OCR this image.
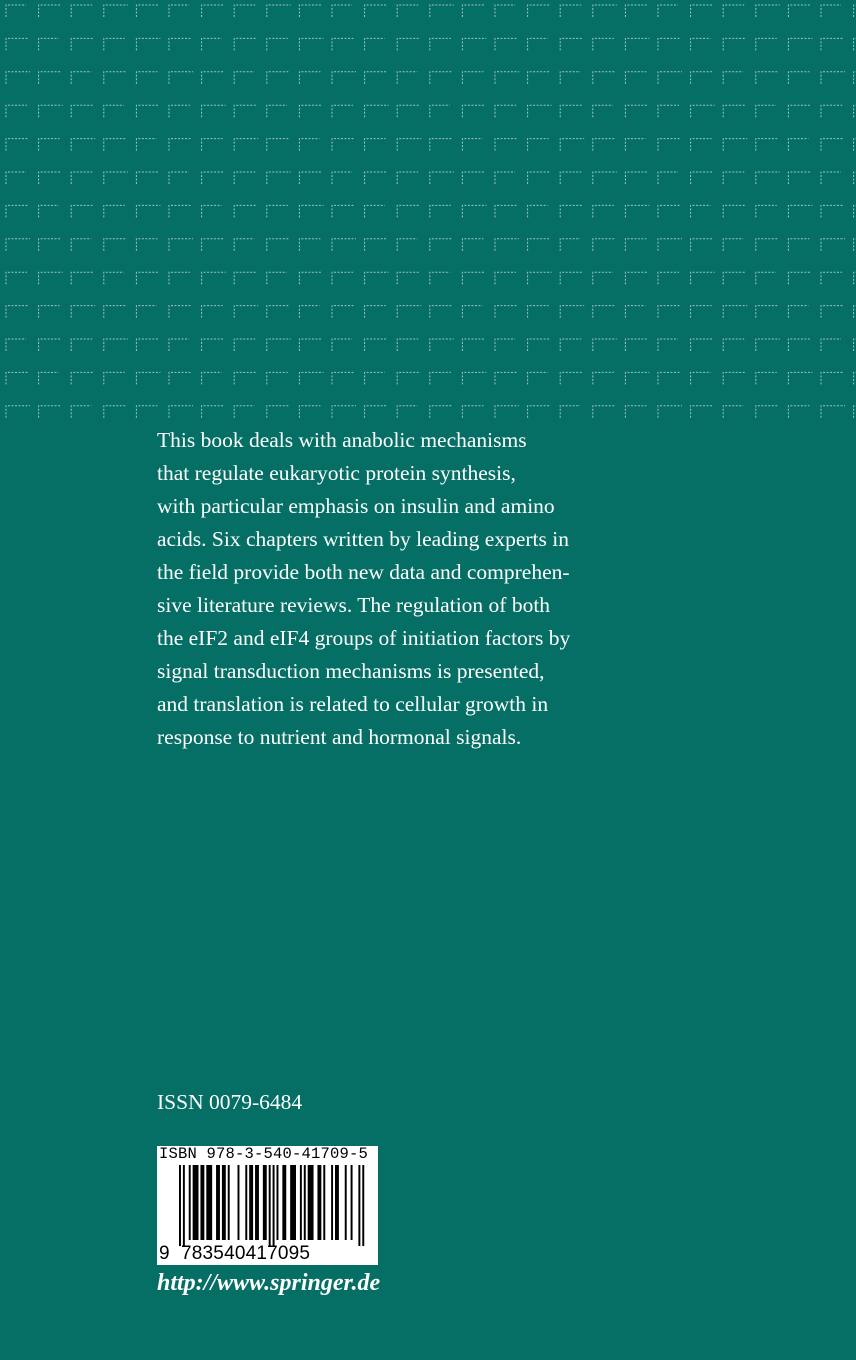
This book deals with anabolic mechanisms
that regulate eukaryotic protein synthesis,
with particular emphasis on insulin and amino
acids. Six chapters written by leading experts in
the field provide both new data and comprehen-
sive literature reviews. The regulation of both
the eIF2 and eIF4 groups of initiation factors by
signal transduction mechanisms is presented,
and translation is related to cellular growth in
response to nutrient and hormonal signals.
ISSN 0079-6484
ISBN 978-3-540-41709-5
9 783540417095
http://www.springer.de
